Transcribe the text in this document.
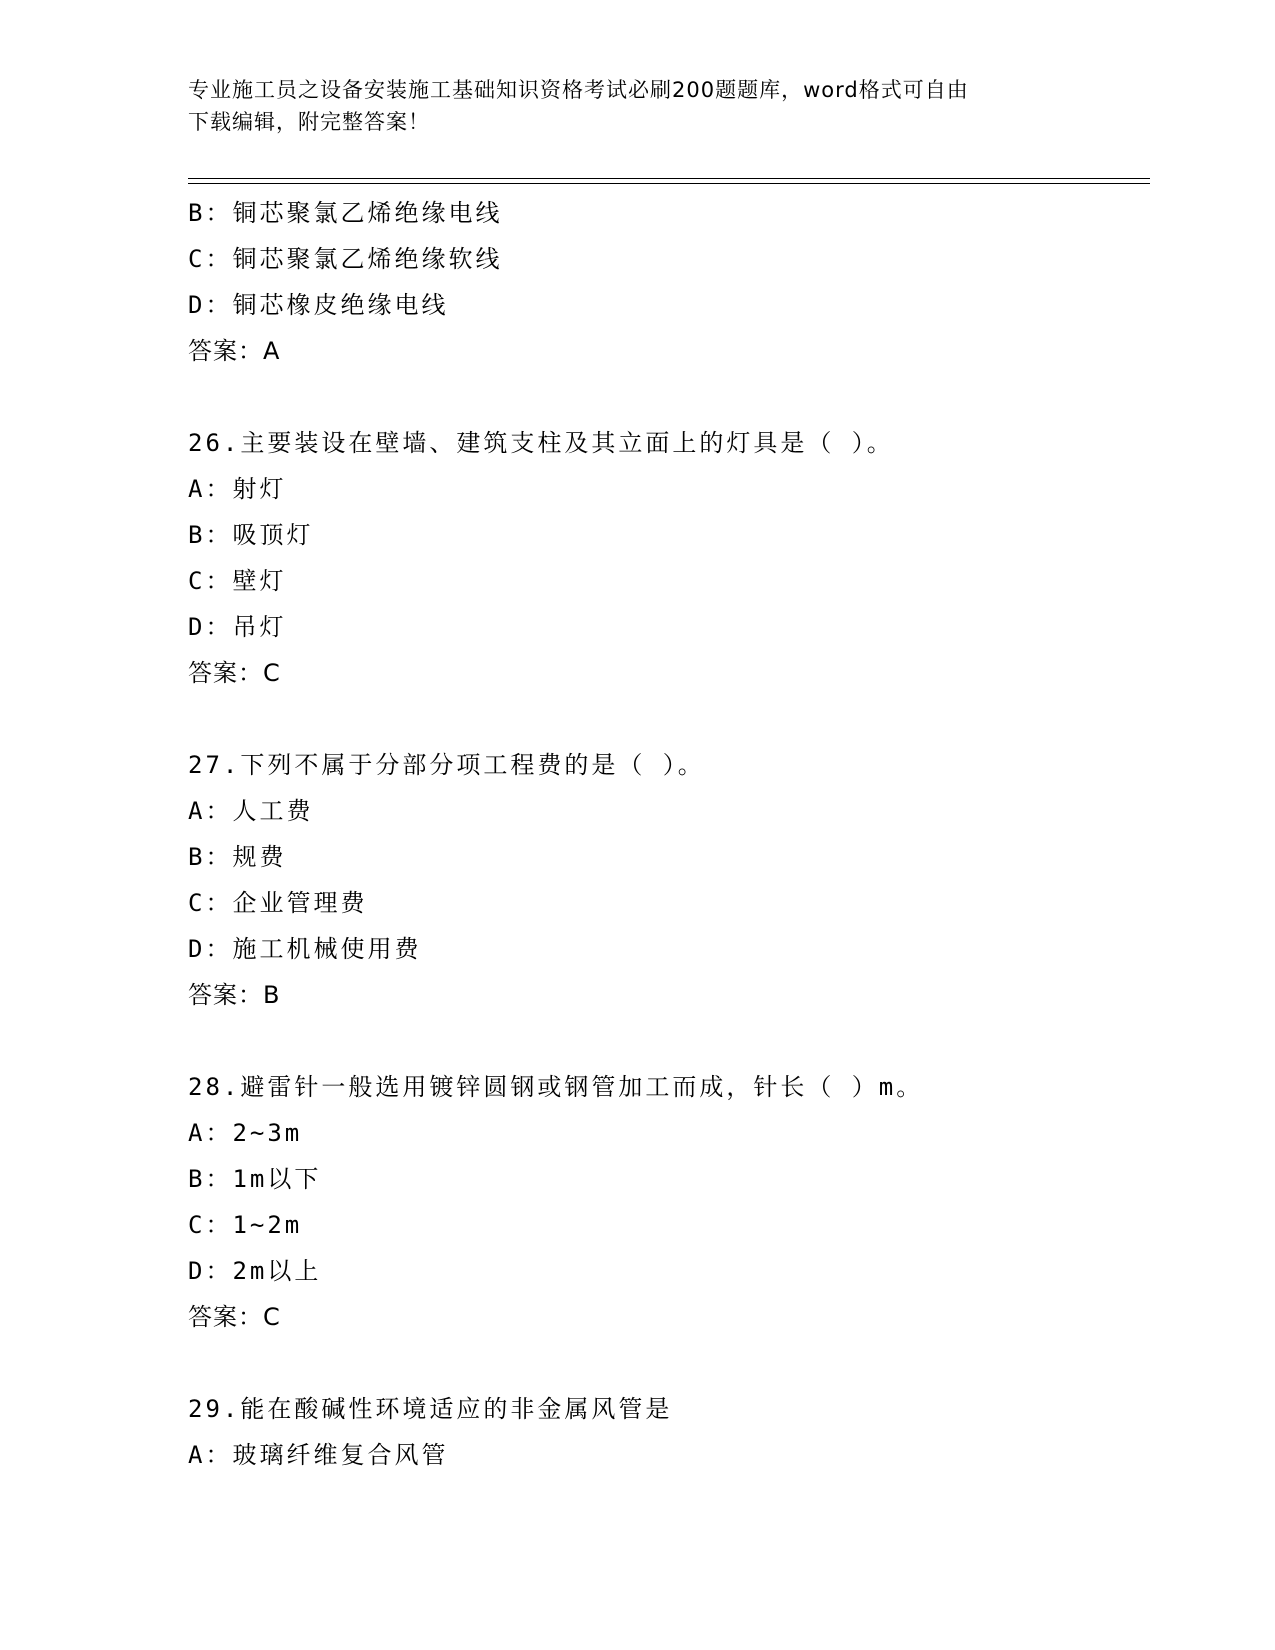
专业施工员之设备安装施工基础知识资格考试必刷200题题库，word格式可自由
下载编辑，附完整答案！
B：铜芯聚氯乙烯绝缘电线
C：铜芯聚氯乙烯绝缘软线
D：铜芯橡皮绝缘电线
答案：A
26.主要装设在壁墙、建筑支柱及其立面上的灯具是（ ）。
A：射灯
B：吸顶灯
C：壁灯
D：吊灯
答案：C
27.下列不属于分部分项工程费的是（ ）。
A：人工费
B：规费
C：企业管理费
D：施工机械使用费
答案：B
28.避雷针一般选用镀锌圆钢或钢管加工而成，针长（ ）m。
A：2~3m
B：1m以下
C：1~2m
D：2m以上
答案：C
29.能在酸碱性环境适应的非金属风管是
A：玻璃纤维复合风管
